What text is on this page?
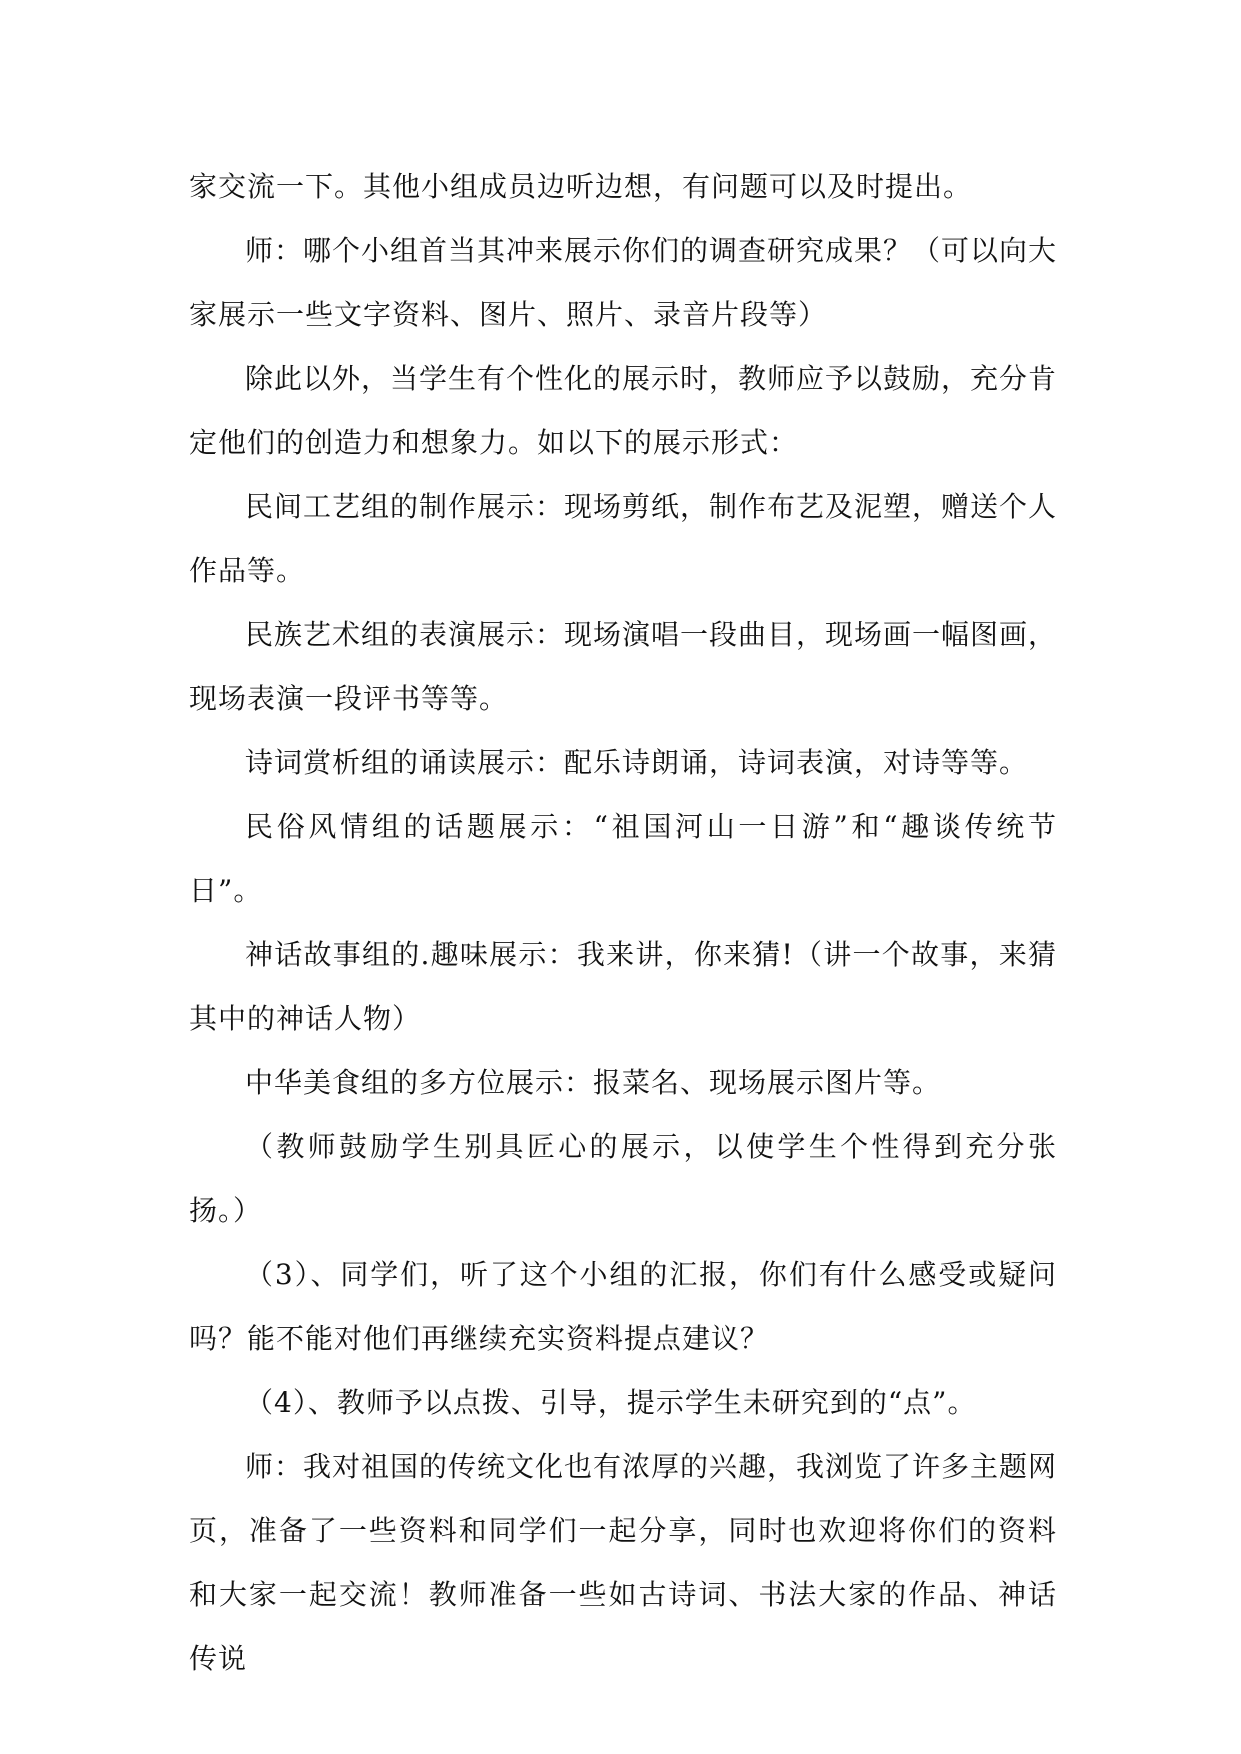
家交流一下。其他小组成员边听边想，有问题可以及时提出。

师：哪个小组首当其冲来展示你们的调查研究成果？（可以向大家展示一些文字资料、图片、照片、录音片段等）

除此以外，当学生有个性化的展示时，教师应予以鼓励，充分肯定他们的创造力和想象力。如以下的展示形式：

民间工艺组的制作展示：现场剪纸，制作布艺及泥塑，赠送个人作品等。

民族艺术组的表演展示：现场演唱一段曲目，现场画一幅图画，现场表演一段评书等等。

诗词赏析组的诵读展示：配乐诗朗诵，诗词表演，对诗等等。

民俗风情组的话题展示：“祖国河山一日游”和“趣谈传统节日”。

神话故事组的.趣味展示：我来讲，你来猜!（讲一个故事，来猜其中的神话人物）

中华美食组的多方位展示：报菜名、现场展示图片等。

（教师鼓励学生别具匠心的展示，以使学生个性得到充分张扬。）

（3）、同学们，听了这个小组的汇报，你们有什么感受或疑问吗？能不能对他们再继续充实资料提点建议？

（4）、教师予以点拨、引导，提示学生未研究到的“点”。

师：我对祖国的传统文化也有浓厚的兴趣，我浏览了许多主题网页，准备了一些资料和同学们一起分享，同时也欢迎将你们的资料和大家一起交流！教师准备一些如古诗词、书法大家的作品、神话传说
